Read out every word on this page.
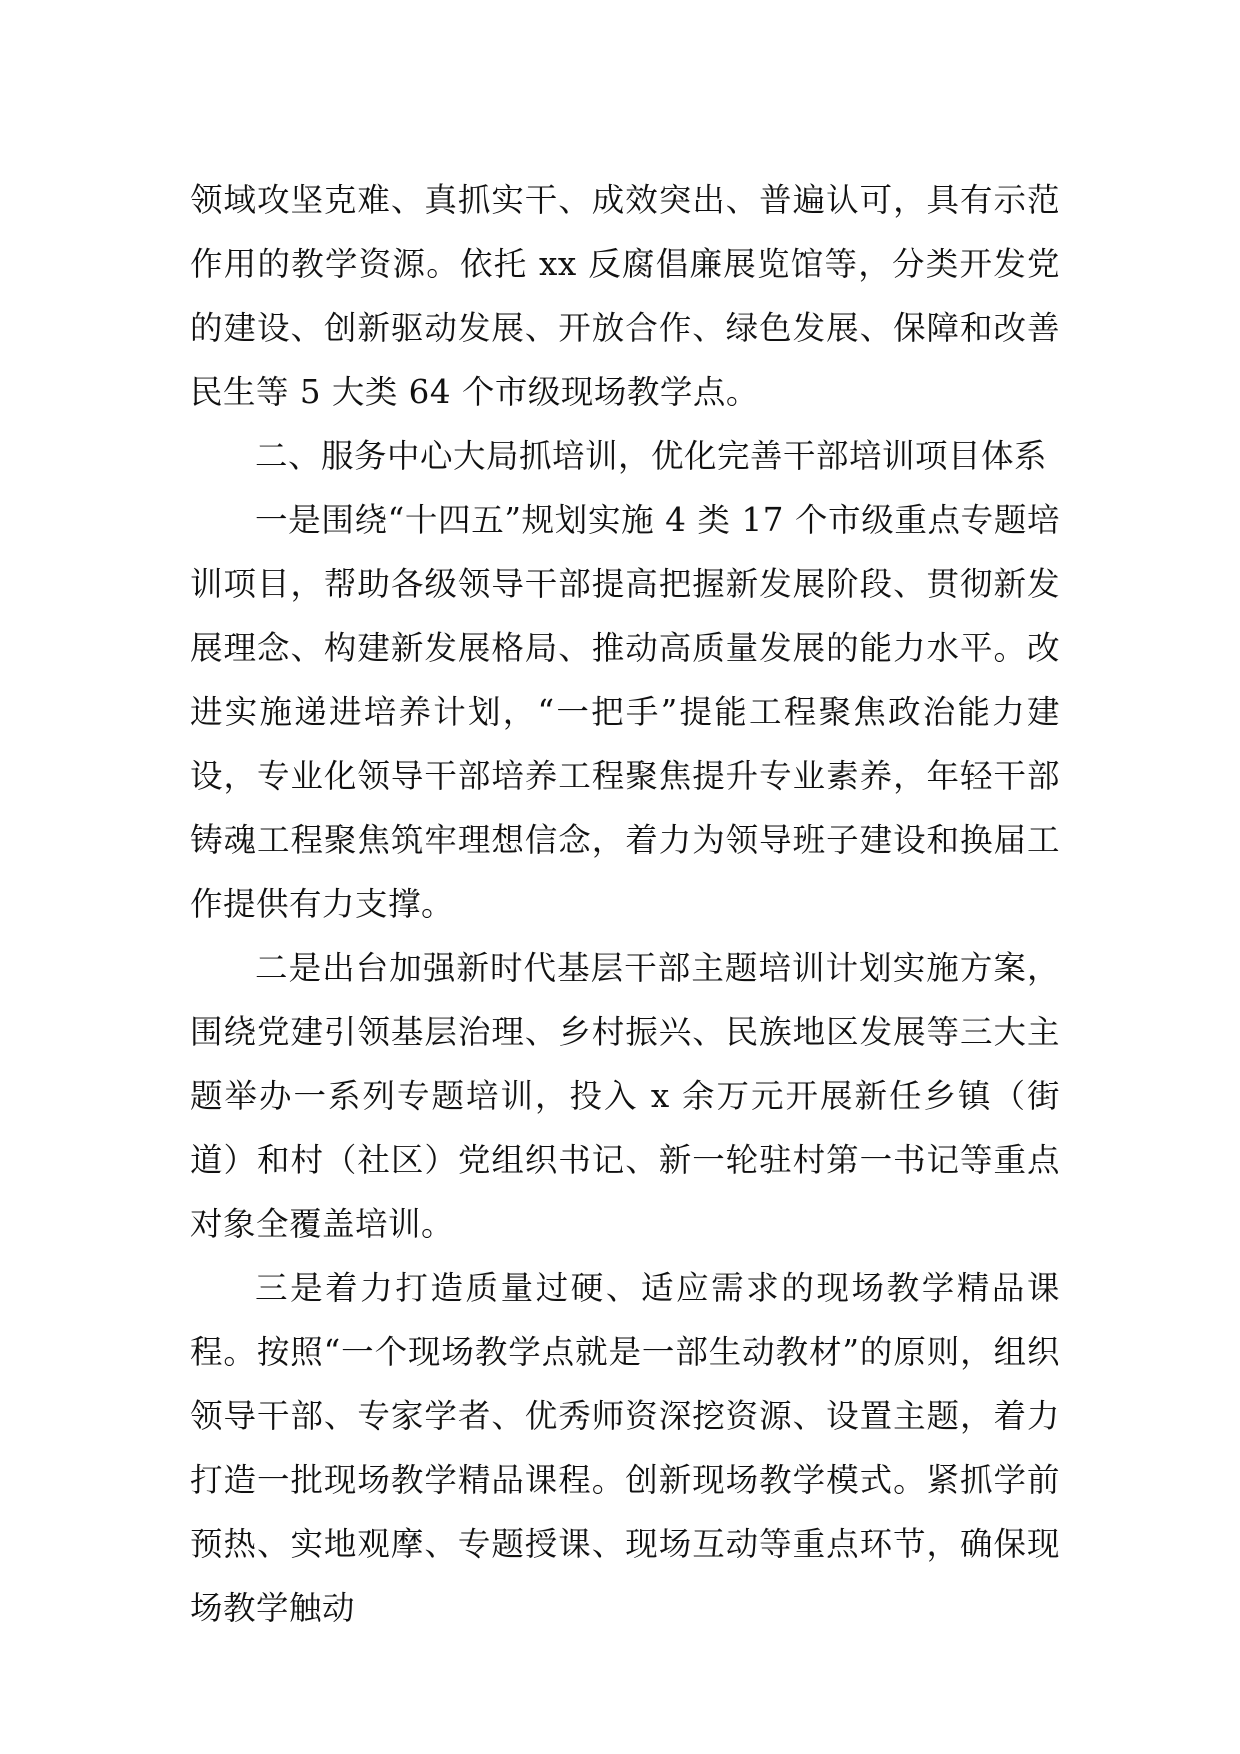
领域攻坚克难、真抓实干、成效突出、普遍认可，具有示范作用的教学资源。依托 xx 反腐倡廉展览馆等，分类开发党的建设、创新驱动发展、开放合作、绿色发展、保障和改善民生等 5 大类 64 个市级现场教学点。

二、服务中心大局抓培训，优化完善干部培训项目体系

一是围绕“十四五”规划实施 4 类 17 个市级重点专题培训项目，帮助各级领导干部提高把握新发展阶段、贯彻新发展理念、构建新发展格局、推动高质量发展的能力水平。改进实施递进培养计划，“一把手”提能工程聚焦政治能力建设，专业化领导干部培养工程聚焦提升专业素养，年轻干部铸魂工程聚焦筑牢理想信念，着力为领导班子建设和换届工作提供有力支撑。

二是出台加强新时代基层干部主题培训计划实施方案，围绕党建引领基层治理、乡村振兴、民族地区发展等三大主题举办一系列专题培训，投入 x 余万元开展新任乡镇（街道）和村（社区）党组织书记、新一轮驻村第一书记等重点对象全覆盖培训。

三是着力打造质量过硬、适应需求的现场教学精品课程。按照“一个现场教学点就是一部生动教材”的原则，组织领导干部、专家学者、优秀师资深挖资源、设置主题，着力打造一批现场教学精品课程。创新现场教学模式。紧抓学前预热、实地观摩、专题授课、现场互动等重点环节，确保现场教学触动
